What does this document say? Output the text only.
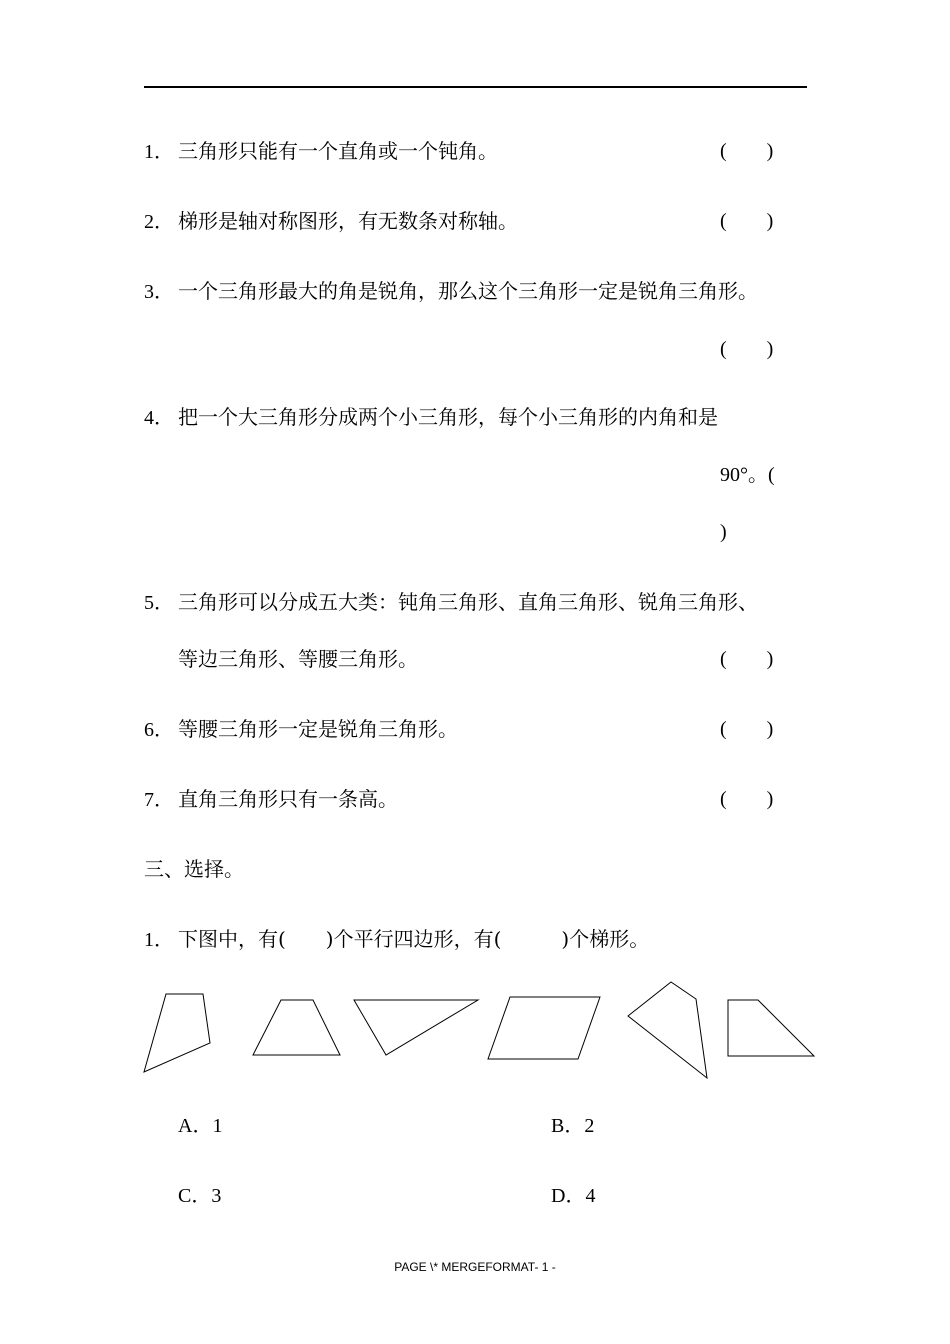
1． 三角形只能有一个直角或一个钝角。	(　　)
2． 梯形是轴对称图形，有无数条对称轴。	(　　)
3． 一个三角形最大的角是锐角，那么这个三角形一定是锐角三角形。
(　　)
4． 把一个大三角形分成两个小三角形，每个小三角形的内角和是
90°。(
)
5． 三角形可以分成五大类：钝角三角形、直角三角形、锐角三角形、
等边三角形、等腰三角形。	(　　)
6． 等腰三角形一定是锐角三角形。	(　　)
7． 直角三角形只有一条高。	(　　)
三、选择。
1． 下图中，有(　　)个平行四边形，有(　　　)个梯形。
A．1	B．2
C．3	D．4
PAGE \* MERGEFORMAT- 1 -
